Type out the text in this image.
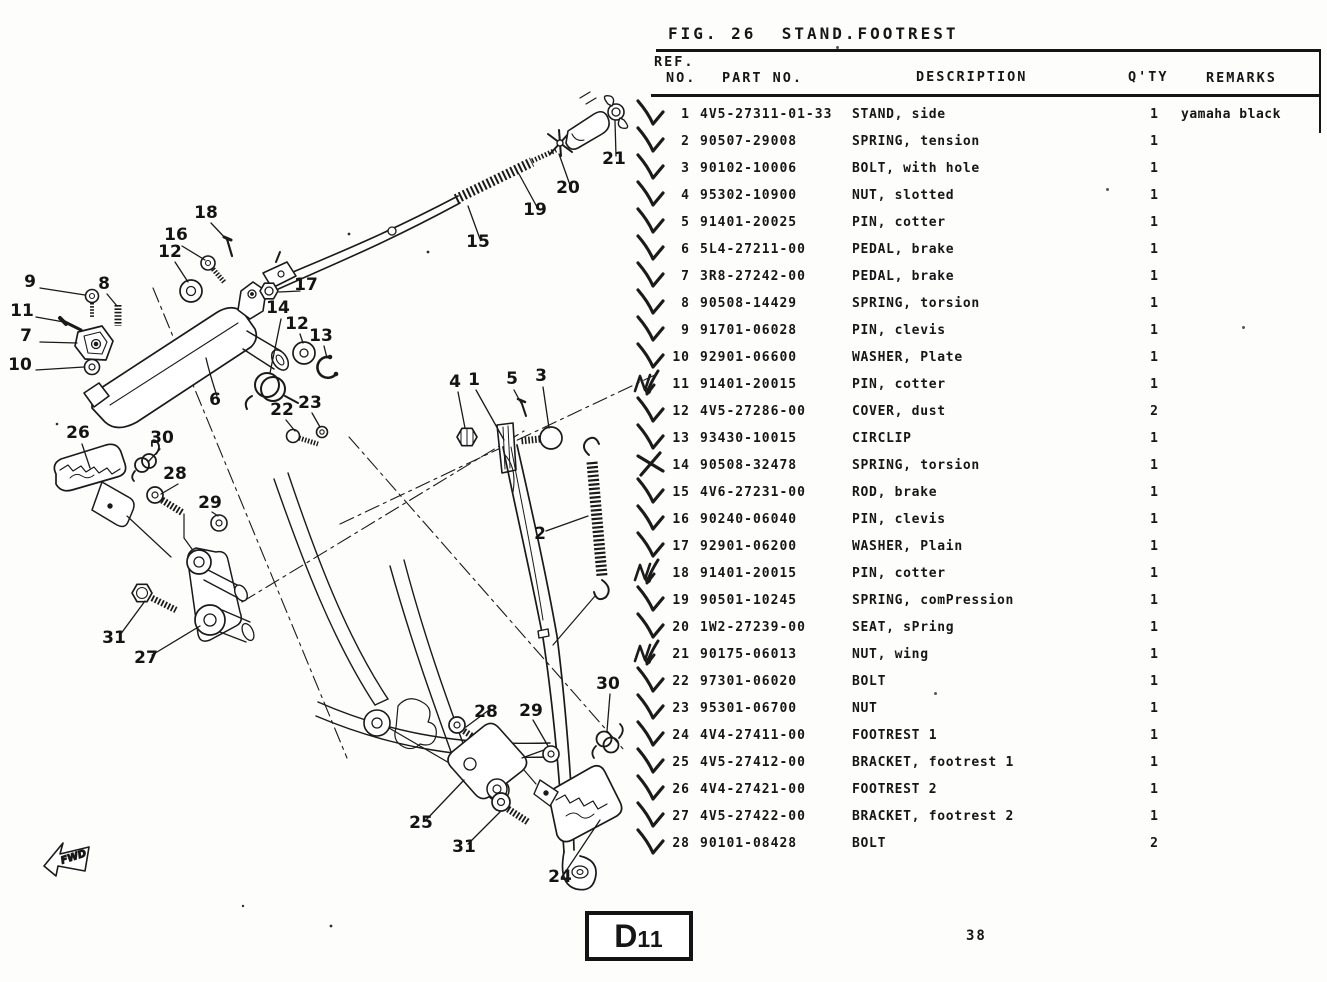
FWD
9	8
11
7
10
18
16
12
17
14
12
13
6	22 23
26	30
28
29
31
27
15
19
20
21
4 1 5 3
2
30
28 29
25
31
24
FIG. 26  STAND.FOOTREST
REF.
NO. PART NO.	DESCRIPTION	Q'TY	REMARKS
1 4V5-27311-01-33 STAND, side	1	yamaha black
2 90507-29008	SPRING, tension	1
3 90102-10006	BOLT, with hole	1
4 95302-10900	NUT, slotted	1
5 91401-20025	PIN, cotter	1
6 5L4-27211-00	PEDAL, brake	1
7 3R8-27242-00	PEDAL, brake	1
8 90508-14429	SPRING, torsion	1
9 91701-06028	PIN, clevis	1
10 92901-06600	WASHER, Plate	1
11 91401-20015	PIN, cotter	1
12 4V5-27286-00	COVER, dust	2
13 93430-10015	CIRCLIP	1
14 90508-32478	SPRING, torsion	1
15 4V6-27231-00	ROD, brake	1
16 90240-06040	PIN, clevis	1
17 92901-06200	WASHER, Plain	1
18 91401-20015	PIN, cotter	1
19 90501-10245	SPRING, comPression	1
20 1W2-27239-00	SEAT, sPring	1
21 90175-06013	NUT, wing	1
22 97301-06020	BOLT	1
23 95301-06700	NUT	1
24 4V4-27411-00	FOOTREST 1	1
25 4V5-27412-00	BRACKET, footrest 1	1
26 4V4-27421-00	FOOTREST 2	1
27 4V5-27422-00	BRACKET, footrest 2	1
28 90101-08428	BOLT	2
D 11	38
